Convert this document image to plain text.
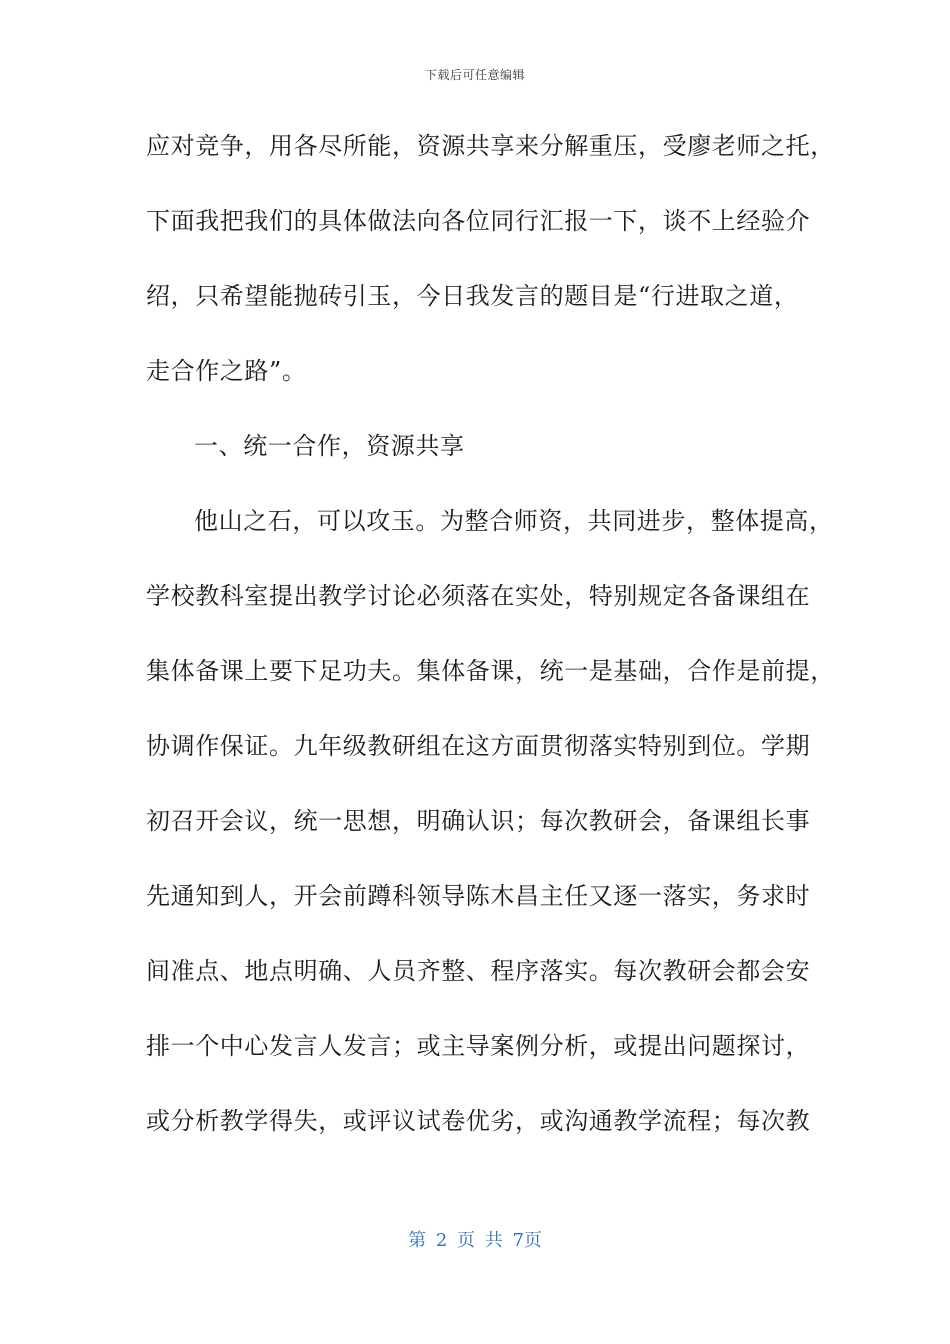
下载后可任意编辑
应对竞争，用各尽所能，资源共享来分解重压，受廖老师之托，
下面我把我们的具体做法向各位同行汇报一下，谈不上经验介
绍，只希望能抛砖引玉，今日我发言的题目是“行进取之道，
走合作之路”。
一、统一合作，资源共享
他山之石，可以攻玉。为整合师资，共同进步，整体提高，
学校教科室提出教学讨论必须落在实处，特别规定各备课组在
集体备课上要下足功夫。集体备课，统一是基础，合作是前提，
协调作保证。九年级教研组在这方面贯彻落实特别到位。学期
初召开会议，统一思想，明确认识；每次教研会，备课组长事
先通知到人，开会前蹲科领导陈木昌主任又逐一落实，务求时
间准点、地点明确、人员齐整、程序落实。每次教研会都会安
排一个中心发言人发言；或主导案例分析，或提出问题探讨，
或分析教学得失，或评议试卷优劣，或沟通教学流程；每次教
第 2 页 共 7页
